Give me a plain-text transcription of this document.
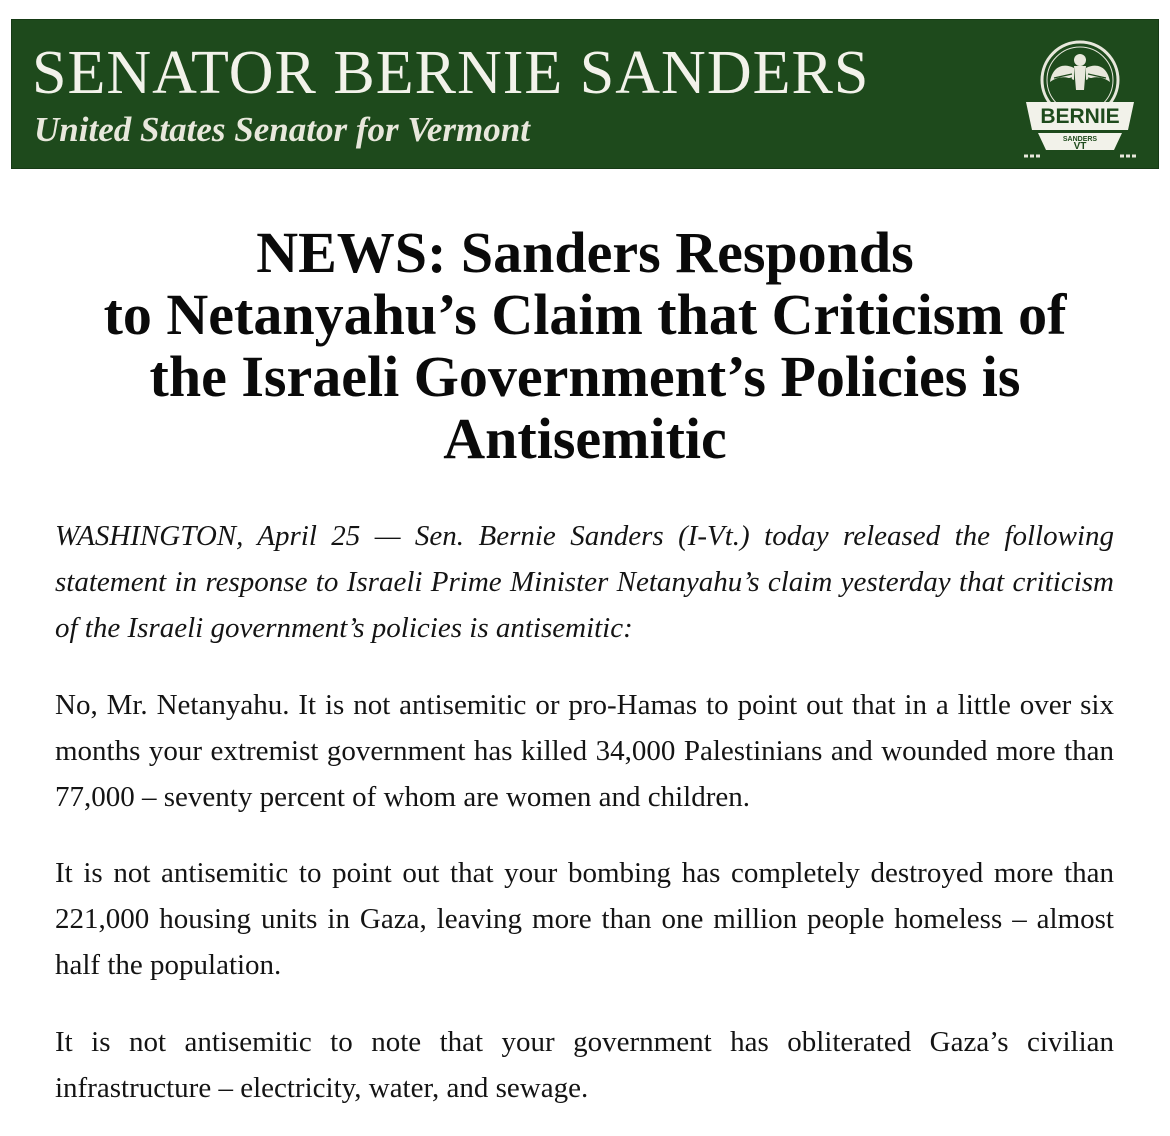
SENATOR BERNIE SANDERS
United States Senator for Vermont	BERNIE
SANDERS
VT
NEWS: Sanders Responds
to Netanyahu’s Claim that Criticism of
the Israeli Government’s Policies is
Antisemitic
WASHINGTON, April 25 — Sen. Bernie Sanders (I-Vt.) today released the following statement in response to Israeli Prime Minister Netanyahu’s claim yesterday that criticism of the Israeli government’s policies is antisemitic:
No, Mr. Netanyahu. It is not antisemitic or pro-Hamas to point out that in a little over six months your extremist government has killed 34,000 Palestinians and wounded more than 77,000 – seventy percent of whom are women and children.
It is not antisemitic to point out that your bombing has completely destroyed more than 221,000 housing units in Gaza, leaving more than one million people homeless – almost half the population.
It is not antisemitic to note that your government has obliterated Gaza’s civilian infrastructure – electricity, water, and sewage.
